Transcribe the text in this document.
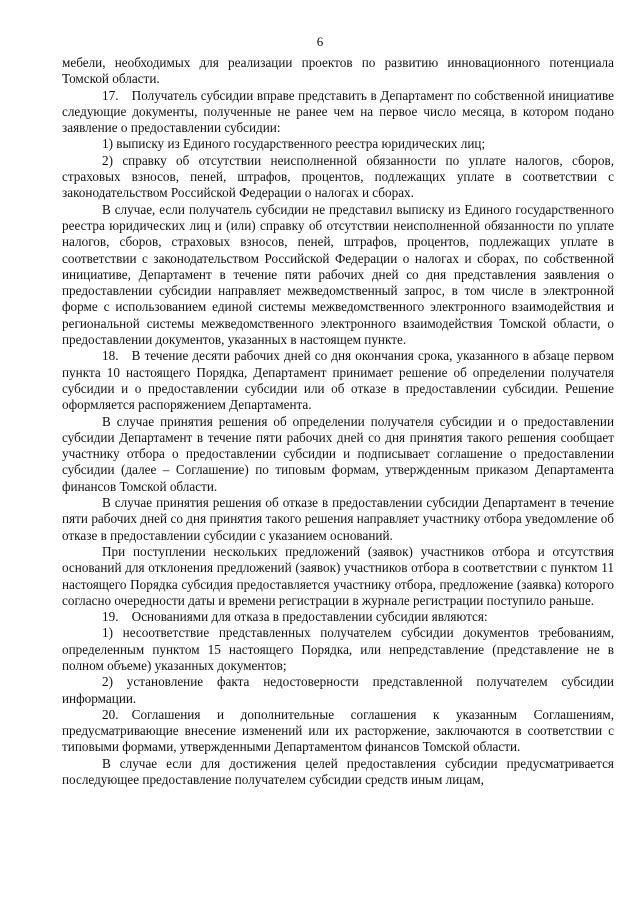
6

мебели, необходимых для реализации проектов по развитию инновационного потенциала Томской области.

17. Получатель субсидии вправе представить в Департамент по собственной инициативе следующие документы, полученные не ранее чем на первое число месяца, в котором подано заявление о предоставлении субсидии:

1) выписку из Единого государственного реестра юридических лиц;

2) справку об отсутствии неисполненной обязанности по уплате налогов, сборов, страховых взносов, пеней, штрафов, процентов, подлежащих уплате в соответствии с законодательством Российской Федерации о налогах и сборах.

В случае, если получатель субсидии не представил выписку из Единого государственного реестра юридических лиц и (или) справку об отсутствии неисполненной обязанности по уплате налогов, сборов, страховых взносов, пеней, штрафов, процентов, подлежащих уплате в соответствии с законодательством Российской Федерации о налогах и сборах, по собственной инициативе, Департамент в течение пяти рабочих дней со дня представления заявления о предоставлении субсидии направляет межведомственный запрос, в том числе в электронной форме с использованием единой системы межведомственного электронного взаимодействия и региональной системы межведомственного электронного взаимодействия Томской области, о предоставлении документов, указанных в настоящем пункте.

18. В течение десяти рабочих дней со дня окончания срока, указанного в абзаце первом пункта 10 настоящего Порядка, Департамент принимает решение об определении получателя субсидии и о предоставлении субсидии или об отказе в предоставлении субсидии. Решение оформляется распоряжением Департамента.

В случае принятия решения об определении получателя субсидии и о предоставлении субсидии Департамент в течение пяти рабочих дней со дня принятия такого решения сообщает участнику отбора о предоставлении субсидии и подписывает соглашение о предоставлении субсидии (далее – Соглашение) по типовым формам, утвержденным приказом Департамента финансов Томской области.

В случае принятия решения об отказе в предоставлении субсидии Департамент в течение пяти рабочих дней со дня принятия такого решения направляет участнику отбора уведомление об отказе в предоставлении субсидии с указанием оснований.

При поступлении нескольких предложений (заявок) участников отбора и отсутствия оснований для отклонения предложений (заявок) участников отбора в соответствии с пунктом 11 настоящего Порядка субсидия предоставляется участнику отбора, предложение (заявка) которого согласно очередности даты и времени регистрации в журнале регистрации поступило раньше.

19. Основаниями для отказа в предоставлении субсидии являются:

1) несоответствие представленных получателем субсидии документов требованиям, определенным пунктом 15 настоящего Порядка, или непредставление (представление не в полном объеме) указанных документов;

2) установление факта недостоверности представленной получателем субсидии информации.

20. Соглашения и дополнительные соглашения к указанным Соглашениям, предусматривающие внесение изменений или их расторжение, заключаются в соответствии с типовыми формами, утвержденными Департаментом финансов Томской области.

В случае если для достижения целей предоставления субсидии предусматривается последующее предоставление получателем субсидии средств иным лицам,
